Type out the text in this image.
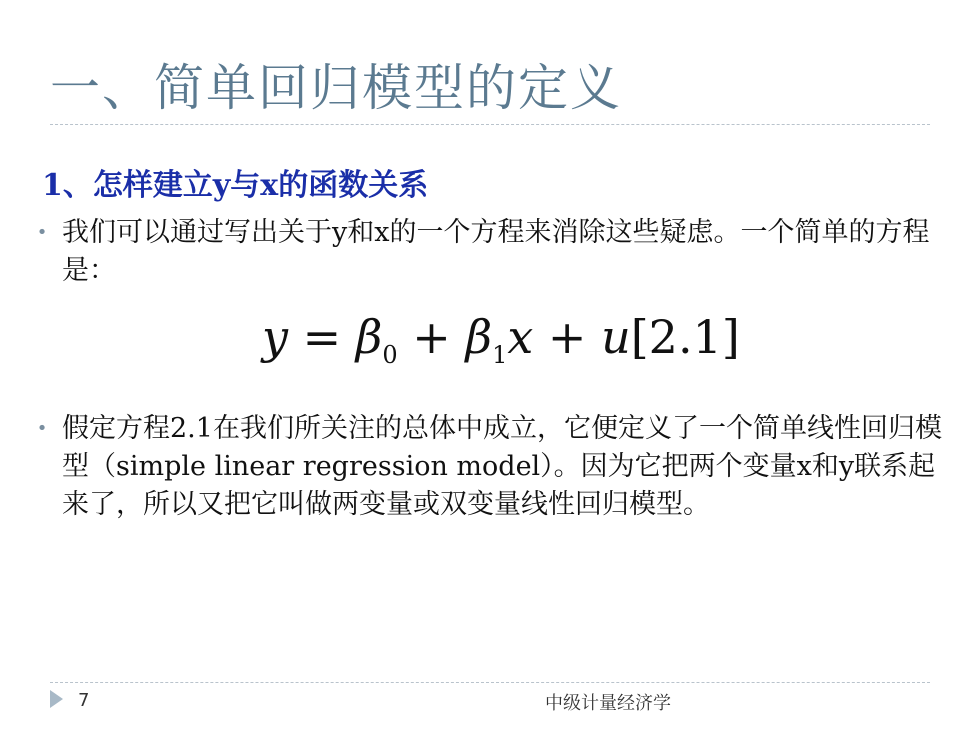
一、简单回归模型的定义
1、怎样建立y与x的函数关系
• 我们可以通过写出关于y和x的一个方程来消除这些疑虑。一个简单的方程是：
$y = \beta_0 + \beta_1x + u[2.1]$
• 假定方程2.1在我们所关注的总体中成立，它便定义了一个简单线性回归模型（simple linear regression model）。因为它把两个变量x和y联系起来了，所以又把它叫做两变量或双变量线性回归模型。
7	中级计量经济学
